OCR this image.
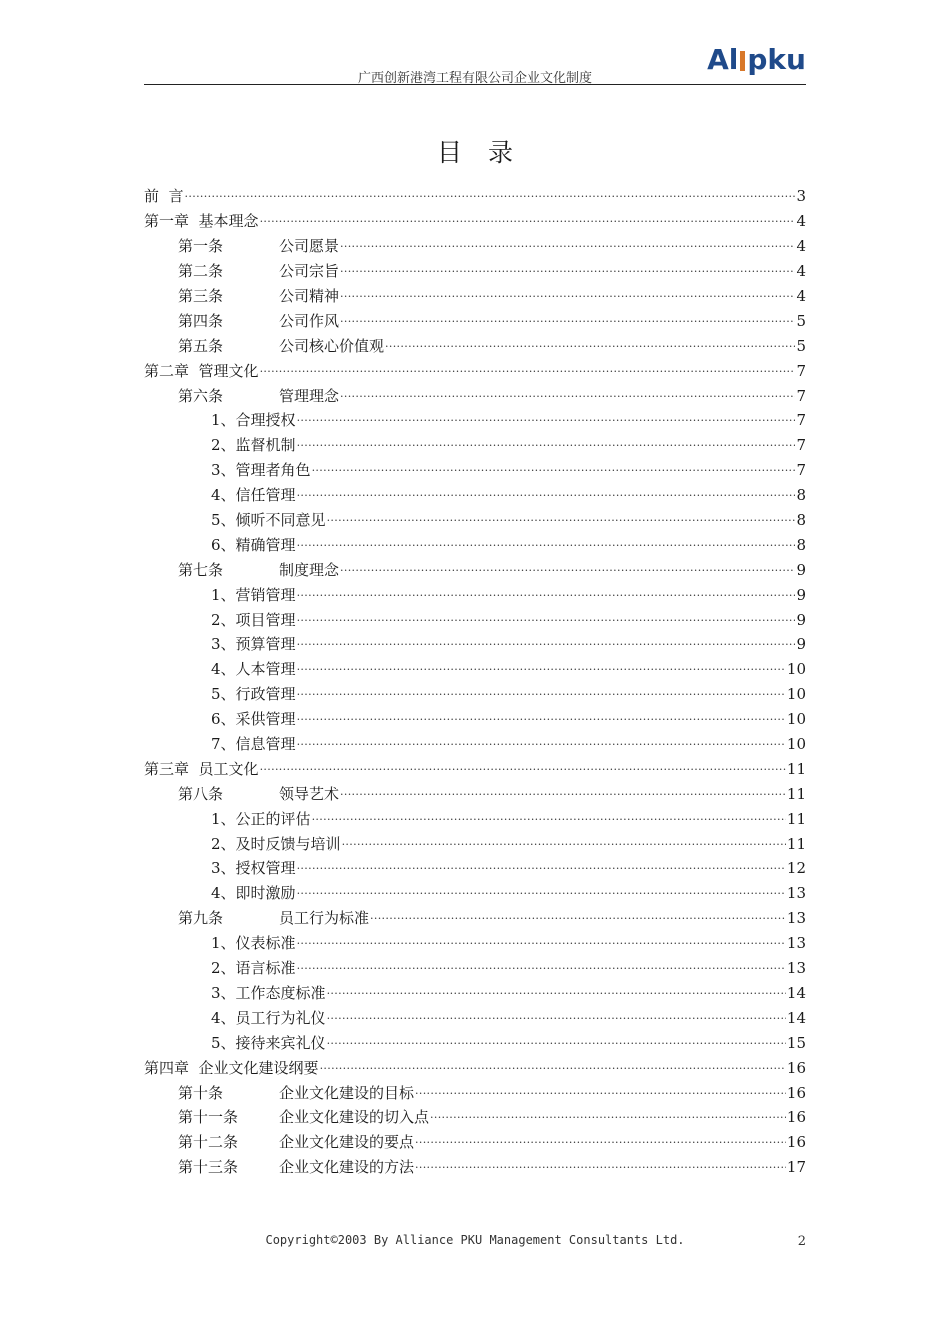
广西创新港湾工程有限公司企业文化制度
Al pku
目录
前  言 .....	3
第一章 基本理念 .....	4
第一条	公司愿景 .....	4
第二条	公司宗旨 .....	4
第三条	公司精神 .....	4
第四条	公司作风 .....	5
第五条	公司核心价值观 .....	5
第二章 管理文化 .....	7
第六条	管理理念 .....	7
1、 合理授权 .....	7
2、 监督机制 .....	7
3、 管理者角色 .....	7
4、 信任管理 .....	8
5、 倾听不同意见 .....	8
6、 精确管理 .....	8
第七条	制度理念 .....	9
1、 营销管理 .....	9
2、 项目管理 .....	9
3、 预算管理 .....	9
4、 人本管理 .....	10
5、 行政管理 .....	10
6、 采供管理 .....	10
7、 信息管理 .....	10
第三章 员工文化 .....	11
第八条	领导艺术 .....	11
1、 公正的评估 .....	11
2、 及时反馈与培训 .....	11
3、 授权管理 .....	12
4、 即时激励 .....	13
第九条	员工行为标准 .....	13
1、 仪表标准 .....	13
2、 语言标准 .....	13
3、 工作态度标准 .....	14
4、 员工行为礼仪 .....	14
5、 接待来宾礼仪 .....	15
第四章 企业文化建设纲要 .....	16
第十条	企业文化建设的目标 .....	16
第十一条	企业文化建设的切入点 .....	16
第十二条	企业文化建设的要点 .....	16
第十三条	企业文化建设的方法 .....	17
Copyright©2003 By Alliance PKU Management Consultants Ltd.	2
